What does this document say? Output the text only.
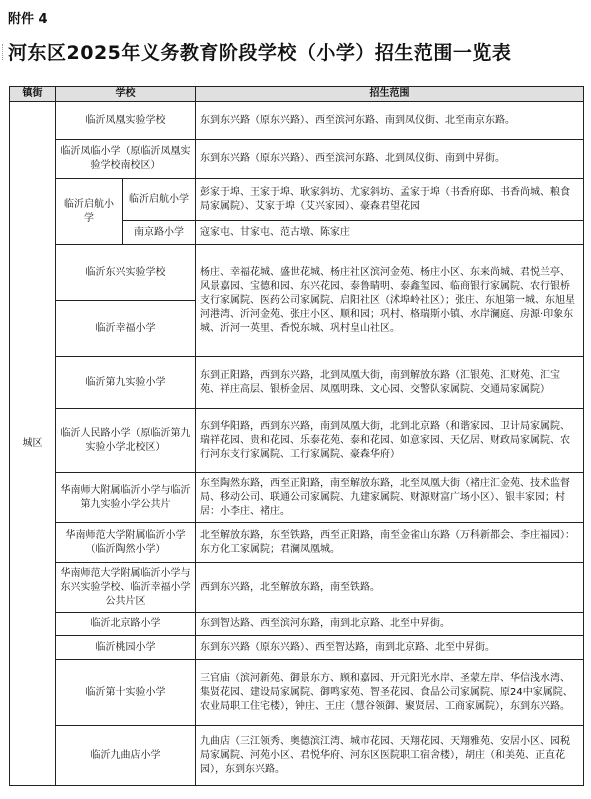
附件 4
河东区2025年义务教育阶段学校（小学）招生范围一览表
镇街	学校		招生范围
城区	临沂凤凰实验学校		东到东兴路（原东兴路）、西至滨河东路、南到凤仪街、北至南京东路。
	临沂凤临小学（原临沂凤凰实验学校南校区）		东到东兴路（原东兴路）、西至滨河东路、北到凤仪街、南到中昇街。
	临沂启航小学	临沂启航小学	彭家于埠、王家于埠、耿家斜坊、尤家斜坊、孟家于埠（书香府邸、书香尚城、粮食局家属院）、艾家于埠（艾兴家园）、豪森君望花园
		南京路小学	寇家屯、甘家屯、范古墩、陈家庄
	临沂东兴实验学校		杨庄、幸福花城、盛世花城、杨庄社区滨河金苑、杨庄小区、东来尚城、君悦兰亭、风景嘉园、宝德和园、东兴花园、泰鲁睛明、泰鑫玺园、临商银行家属院、农行银桥支行家属院、医药公司家属院、启阳社区（沭埠岭社区）；张庄、东旭第一城、东旭星河港湾、沂河金苑、张庄小区、顺和园；巩村、格瑞斯小镇、水岸澜庭、房源·印象东城、沂河一英里、香悦东城、巩村皇山社区。
	临沂幸福小学		
	临沂第九实验小学		东到正阳路，西到东兴路，北到凤凰大街，南到解放东路（汇银苑、汇财苑、汇宝苑、祥庄高层、银桥金居、凤凰明珠、文心园、交警队家属院、交通局家属院）
	临沂人民路小学（原临沂第九实验小学北校区）		东到华阳路，西到东兴路，南到凤凰大街，北到北京路（和谐家园、卫计局家属院、瑞祥花园、贵和花园、乐泰花苑、泰和花园、如意家园、天亿居、财政局家属院、农行河东支行家属院、工行家属院、豪森华府）
	华南师大附属临沂小学与临沂第九实验小学公共片		东至陶然东路，西至正阳路，南至解放东路，北至凤凰大街（褚庄汇金苑、技术监督局、移动公司、联通公司家属院、九建家属院、财源财富广场小区）、银丰家园；村居：小李庄、褚庄。
	华南师范大学附属临沂小学（临沂陶然小学）		北至解放东路，东至铁路，西至正阳路，南至金雀山东路（万科新都会、李庄福园）：东方化工家属院；君澜凤凰城。
	华南师范大学附属临沂小学与东兴实验学校、临沂幸福小学公共片区		西到东兴路，北至解放东路，南至铁路。
	临沂北京路小学		东到智达路、西至滨河东路，南到北京路、北至中昇街。
	临沂桃园小学		东到东兴路（原东兴路）、西至智达路，南到北京路、北至中昇街。
	临沂第十实验小学		三官庙（滨河新苑、御景东方、顾和嘉园、开元阳光水岸、圣蒙左岸、华信浅水湾、集贤花园、建设局家属院、御鸣家苑、智圣花园、食品公司家属院、原24中家属院、农业局职工住宅楼），钟庄、王庄（慧谷领御、聚贤居、工商家属院），东到东兴路。
	临沂九曲店小学		九曲店（三江领秀、奥德滨江湾、城市花园、天翔花园、天翔雅苑、安居小区、园税局家属院、河苑小区、君悦华府、河东区医院职工宿舍楼），胡庄（和美苑、正直花园），东到东兴路。
